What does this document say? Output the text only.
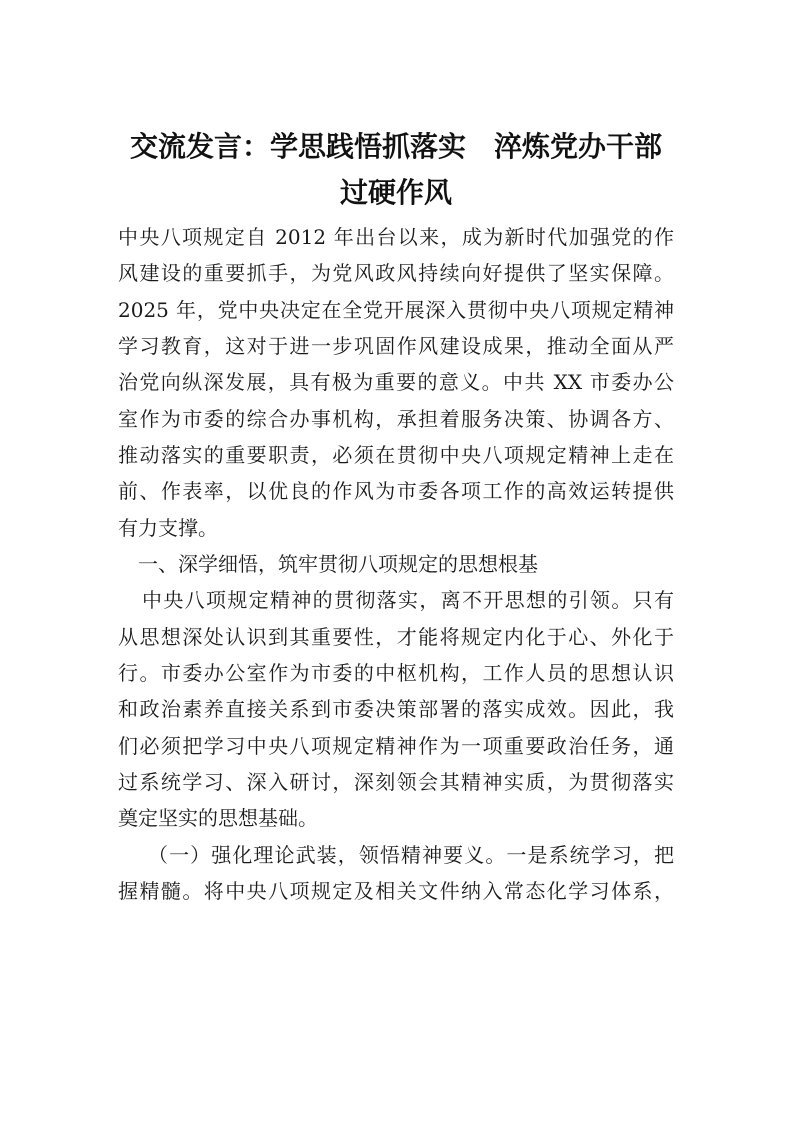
交流发言：学思践悟抓落实　淬炼党办干部
过硬作风
中央八项规定自 2012 年出台以来，成为新时代加强党的作
风建设的重要抓手，为党风政风持续向好提供了坚实保障。
2025 年，党中央决定在全党开展深入贯彻中央八项规定精神
学习教育，这对于进一步巩固作风建设成果，推动全面从严
治党向纵深发展，具有极为重要的意义。中共 XX 市委办公
室作为市委的综合办事机构，承担着服务决策、协调各方、
推动落实的重要职责，必须在贯彻中央八项规定精神上走在
前、作表率，以优良的作风为市委各项工作的高效运转提供
有力支撑。
一、深学细悟，筑牢贯彻八项规定的思想根基
中央八项规定精神的贯彻落实，离不开思想的引领。只有
从思想深处认识到其重要性，才能将规定内化于心、外化于
行。市委办公室作为市委的中枢机构，工作人员的思想认识
和政治素养直接关系到市委决策部署的落实成效。因此，我
们必须把学习中央八项规定精神作为一项重要政治任务，通
过系统学习、深入研讨，深刻领会其精神实质，为贯彻落实
奠定坚实的思想基础。
（一）强化理论武装，领悟精神要义。一是系统学习，把
握精髓。将中央八项规定及相关文件纳入常态化学习体系，
